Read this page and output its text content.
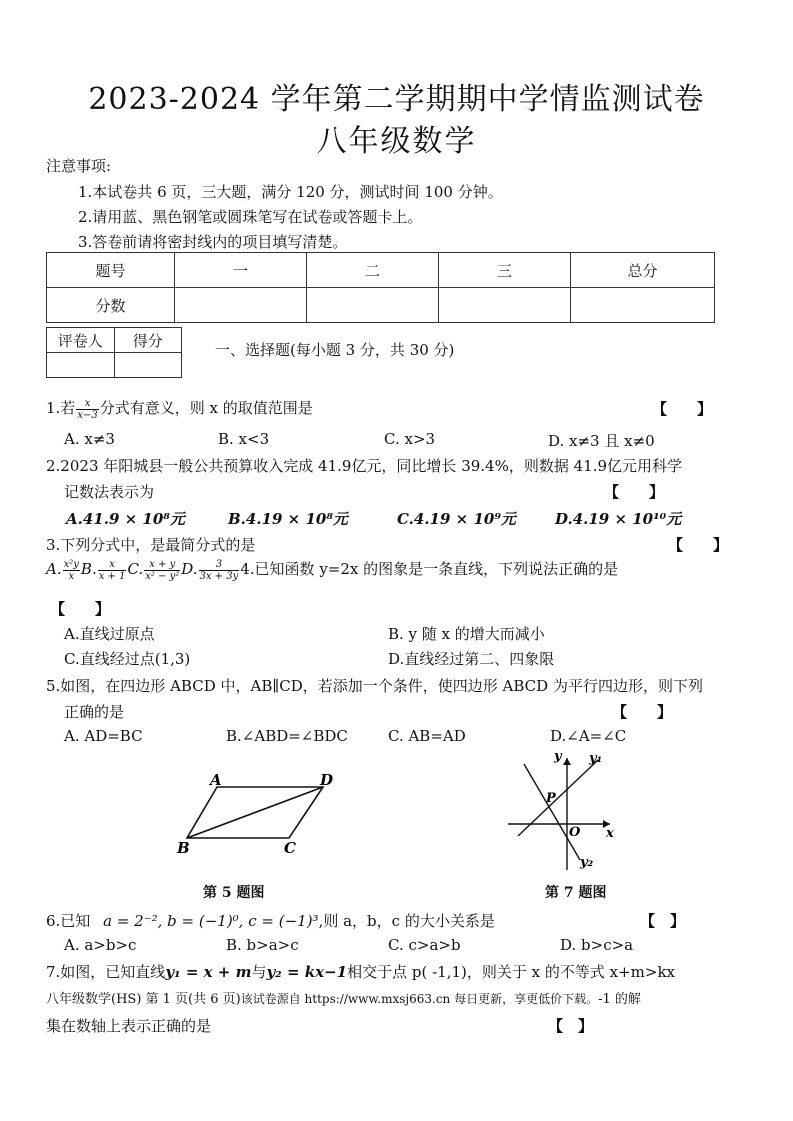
2023-2024 学年第二学期期中学情监测试卷
八年级数学
注意事项:
1.本试卷共 6 页，三大题，满分 120 分，测试时间 100 分钟。
2.请用蓝、黑色钢笔或圆珠笔写在试卷或答题卡上。
3.答卷前请将密封线内的项目填写清楚。
题号	一	二	三	总分
分数				
评卷人	得分

一、选择题(每小题 3 分，共 30 分)
1.若 $\frac{x}{x-3}$ 分式有意义，则 x 的取值范围是	【　　】
A. x≠3	B. x<3	C. x>3	D. x≠3 且 x≠0
2.2023 年阳城县一般公共预算收入完成 41.9亿元，同比增长 39.4%，则数据 41.9亿元用科学
记数法表示为	【　　】
A.41.9 × 10⁸元	B.4.19 × 10⁸元	C.4.19 × 10⁹元	D.4.19 × 10¹⁰元
3.下列分式中，是最简分式的是	【　　】
A. $\frac{\text{x²y}}{x} B$. $\frac{x}{x + 1} C$. $\frac{x + y}{\text{x² − y²}} D$. $\frac{3}{3x + 3y} 4$.已知函数 y=2x 的图象是一条直线，下列说法正确的是
【　　】
A.直线过原点	B. y 随 x 的增大而减小
C.直线经过点(1,3)	D.直线经过第二、四象限
5.如图，在四边形 ABCD 中，AB∥CD，若添加一个条件，使四边形 ABCD 为平行四边形，则下列
正确的是	【　　】
A. AD=BC	B.∠ABD=∠BDC	C. AB=AD	D.∠A=∠C
A	D
B	C
第 5 题图
y y₁
P
O x
y₂
第 7 题图
6.已知 a = 2⁻², b = (−1)⁰, c = (−1)³,则 a，b，c 的大小关系是	【　】
A. a>b>c	B. b>a>c	C. c>a>b	D. b>c>a
7.如图，已知直线y₁ = x + m与y₂ = kx−1相交于点 p( -1,1)，则关于 x 的不等式 x+m>kx
八年级数学(HS) 第 1 页(共 6 页)该试卷源自 https://www.mxsj663.cn 每日更新，享更低价下载。-1 的解
集在数轴上表示正确的是	【　】
